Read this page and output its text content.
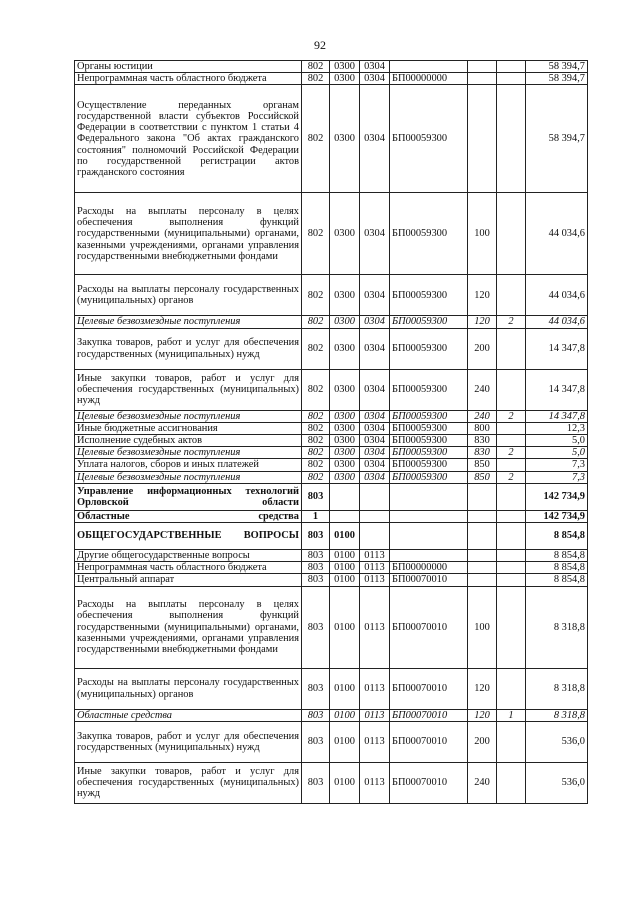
92
Органы юстиции	802	0300	0304				58 394,7
Непрограммная часть областного бюджета	802	0300	0304	БП00000000			58 394,7
Осуществление переданных органам государственной власти субъектов Российской Федерации в соответствии с пунктом 1 статьи 4 Федерального закона "Об актах гражданского состояния" полномочий Российской Федерации по государственной регистрации актов гражданского состояния	802	0300	0304	БП00059300			58 394,7
Расходы на выплаты персоналу в целях обеспечения выполнения функций государственными (муниципальными) органами, казенными учреждениями, органами управления государственными внебюджетными фондами	802	0300	0304	БП00059300	100		44 034,6
Расходы на выплаты персоналу государственных (муниципальных) органов	802	0300	0304	БП00059300	120		44 034,6
Целевые безвозмездные поступления	802	0300	0304	БП00059300	120	2	44 034,6
Закупка товаров, работ и услуг для обеспечения государственных (муниципальных) нужд	802	0300	0304	БП00059300	200		14 347,8
Иные закупки товаров, работ и услуг для обеспечения государственных (муниципальных) нужд	802	0300	0304	БП00059300	240		14 347,8
Целевые безвозмездные поступления	802	0300	0304	БП00059300	240	2	14 347,8
Иные бюджетные ассигнования	802	0300	0304	БП00059300	800		12,3
Исполнение судебных актов	802	0300	0304	БП00059300	830		5,0
Целевые безвозмездные поступления	802	0300	0304	БП00059300	830	2	5,0
Уплата налогов, сборов и иных платежей	802	0300	0304	БП00059300	850		7,3
Целевые безвозмездные поступления	802	0300	0304	БП00059300	850	2	7,3
Управление информационных технологий Орловской области	803						142 734,9
Областные средства	1						142 734,9
ОБЩЕГОСУДАРСТВЕННЫЕ ВОПРОСЫ	803	0100					8 854,8
Другие общегосударственные вопросы	803	0100	0113				8 854,8
Непрограммная часть областного бюджета	803	0100	0113	БП00000000			8 854,8
Центральный аппарат	803	0100	0113	БП00070010			8 854,8
Расходы на выплаты персоналу в целях обеспечения выполнения функций государственными (муниципальными) органами, казенными учреждениями, органами управления государственными внебюджетными фондами	803	0100	0113	БП00070010	100		8 318,8
Расходы на выплаты персоналу государственных (муниципальных) органов	803	0100	0113	БП00070010	120		8 318,8
Областные средства	803	0100	0113	БП00070010	120	1	8 318,8
Закупка товаров, работ и услуг для обеспечения государственных (муниципальных) нужд	803	0100	0113	БП00070010	200		536,0
Иные закупки товаров, работ и услуг для обеспечения государственных (муниципальных) нужд	803	0100	0113	БП00070010	240		536,0
